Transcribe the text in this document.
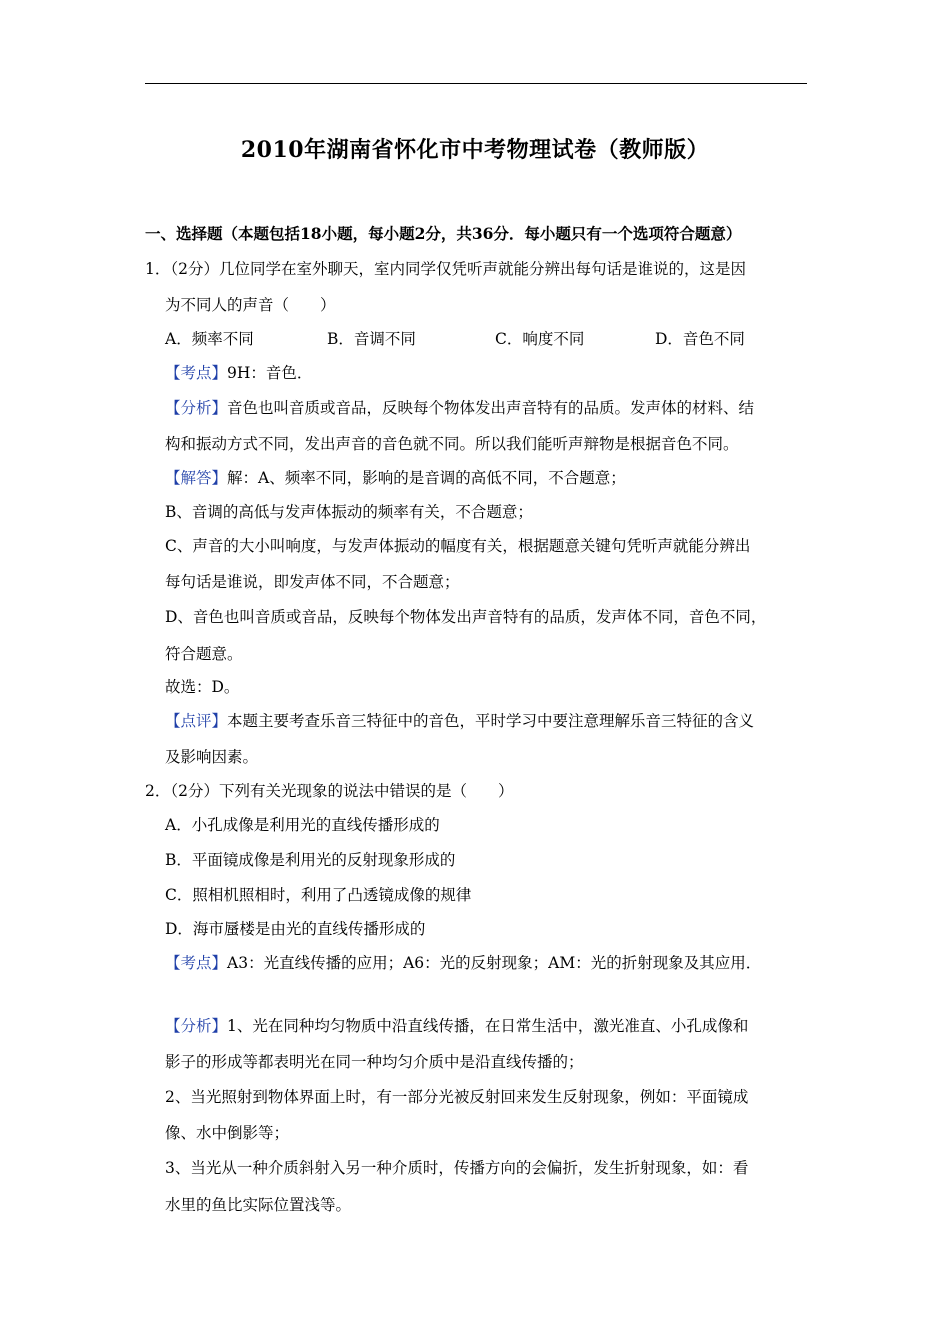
2010年湖南省怀化市中考物理试卷（教师版）
一、选择题（本题包括18小题，每小题2分，共36分．每小题只有一个选项符合题意）
1．（2分）几位同学在室外聊天，室内同学仅凭听声就能分辨出每句话是谁说的，这是因
为不同人的声音（　　）
A．频率不同	B．音调不同	C．响度不同	D．音色不同
【考点】9H：音色．
【分析】音色也叫音质或音品，反映每个物体发出声音特有的品质。发声体的材料、结
构和振动方式不同，发出声音的音色就不同。所以我们能听声辩物是根据音色不同。
【解答】解：A、频率不同，影响的是音调的高低不同，不合题意；
B、音调的高低与发声体振动的频率有关，不合题意；
C、声音的大小叫响度，与发声体振动的幅度有关，根据题意关键句凭听声就能分辨出
每句话是谁说，即发声体不同，不合题意；
D、音色也叫音质或音品，反映每个物体发出声音特有的品质，发声体不同，音色不同，
符合题意。
故选：D。
【点评】本题主要考查乐音三特征中的音色，平时学习中要注意理解乐音三特征的含义
及影响因素。
2．（2分）下列有关光现象的说法中错误的是（　　）
A．小孔成像是利用光的直线传播形成的
B．平面镜成像是利用光的反射现象形成的
C．照相机照相时，利用了凸透镜成像的规律
D．海市蜃楼是由光的直线传播形成的
【考点】A3：光直线传播的应用；A6：光的反射现象；AM：光的折射现象及其应用．
【分析】1、光在同种均匀物质中沿直线传播，在日常生活中，激光准直、小孔成像和
影子的形成等都表明光在同一种均匀介质中是沿直线传播的；
2、当光照射到物体界面上时，有一部分光被反射回来发生反射现象，例如：平面镜成
像、水中倒影等；
3、当光从一种介质斜射入另一种介质时，传播方向的会偏折，发生折射现象，如：看
水里的鱼比实际位置浅等。
